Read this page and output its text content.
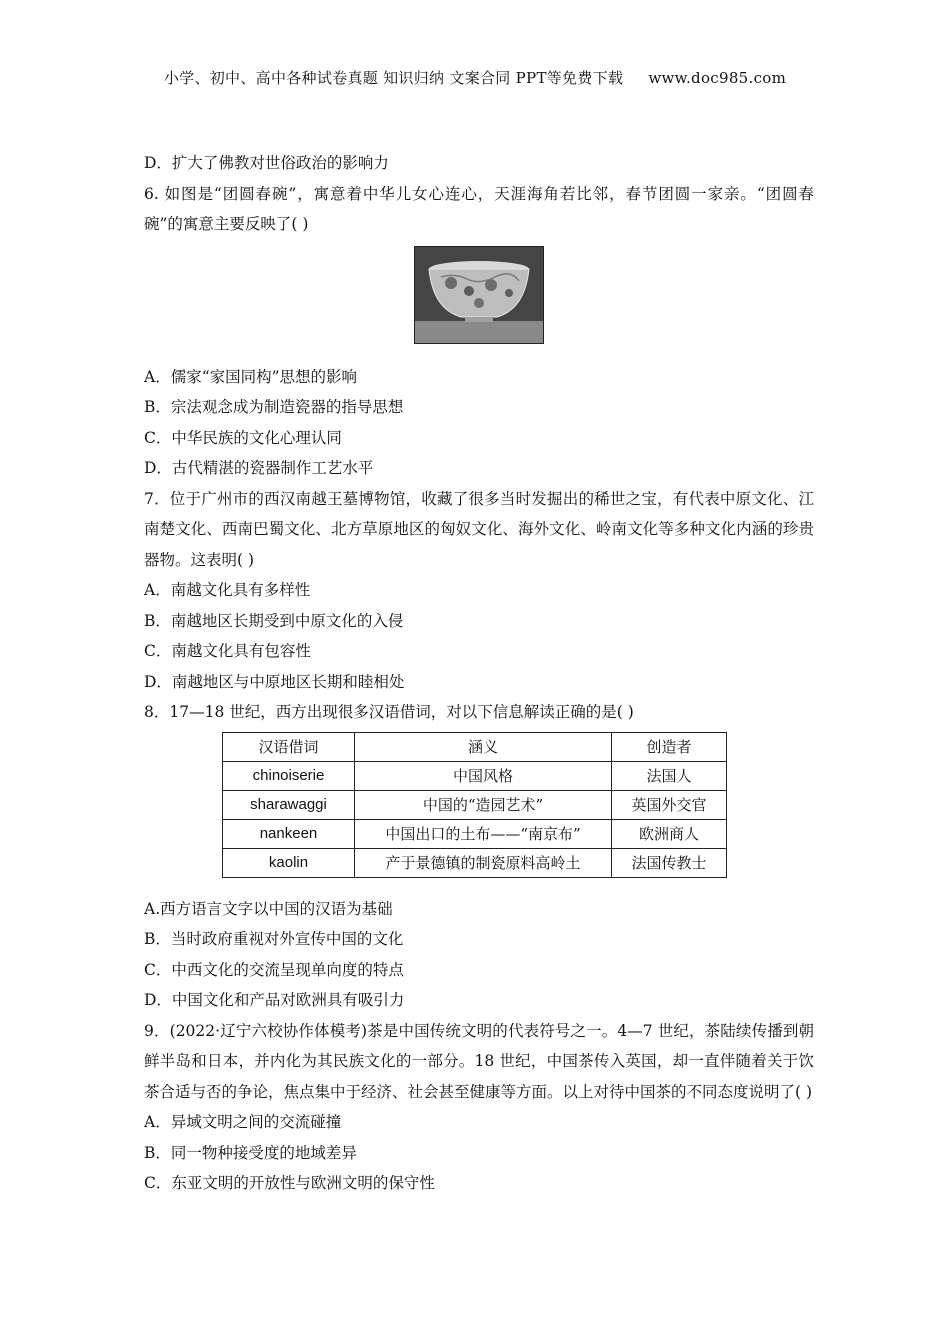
小学、初中、高中各种试卷真题 知识归纳 文案合同 PPT等免费下载 www.doc985.com
D．扩大了佛教对世俗政治的影响力
6. 如图是“团圆春碗”，寓意着中华儿女心连心，天涯海角若比邻，春节团圆一家亲。“团圆春碗”的寓意主要反映了( )
A．儒家“家国同构”思想的影响
B．宗法观念成为制造瓷器的指导思想
C．中华民族的文化心理认同
D．古代精湛的瓷器制作工艺水平
7．位于广州市的西汉南越王墓博物馆，收藏了很多当时发掘出的稀世之宝，有代表中原文化、江南楚文化、西南巴蜀文化、北方草原地区的匈奴文化、海外文化、岭南文化等多种文化内涵的珍贵器物。这表明( )
A．南越文化具有多样性
B．南越地区长期受到中原文化的入侵
C．南越文化具有包容性
D．南越地区与中原地区长期和睦相处
8．17—18 世纪，西方出现很多汉语借词，对以下信息解读正确的是( )
汉语借词	涵义	创造者
chinoiserie	中国风格	法国人
sharawaggi	中国的“造园艺术”	英国外交官
nankeen	中国出口的土布——“南京布”	欧洲商人
kaolin	产于景德镇的制瓷原料高岭土	法国传教士
A.西方语言文字以中国的汉语为基础
B．当时政府重视对外宣传中国的文化
C．中西文化的交流呈现单向度的特点
D．中国文化和产品对欧洲具有吸引力
9．(2022·辽宁六校协作体模考)茶是中国传统文明的代表符号之一。4—7 世纪，茶陆续传播到朝鲜半岛和日本，并内化为其民族文化的一部分。18 世纪，中国茶传入英国，却一直伴随着关于饮茶合适与否的争论，焦点集中于经济、社会甚至健康等方面。以上对待中国茶的不同态度说明了( )
A．异域文明之间的交流碰撞
B．同一物种接受度的地域差异
C．东亚文明的开放性与欧洲文明的保守性
